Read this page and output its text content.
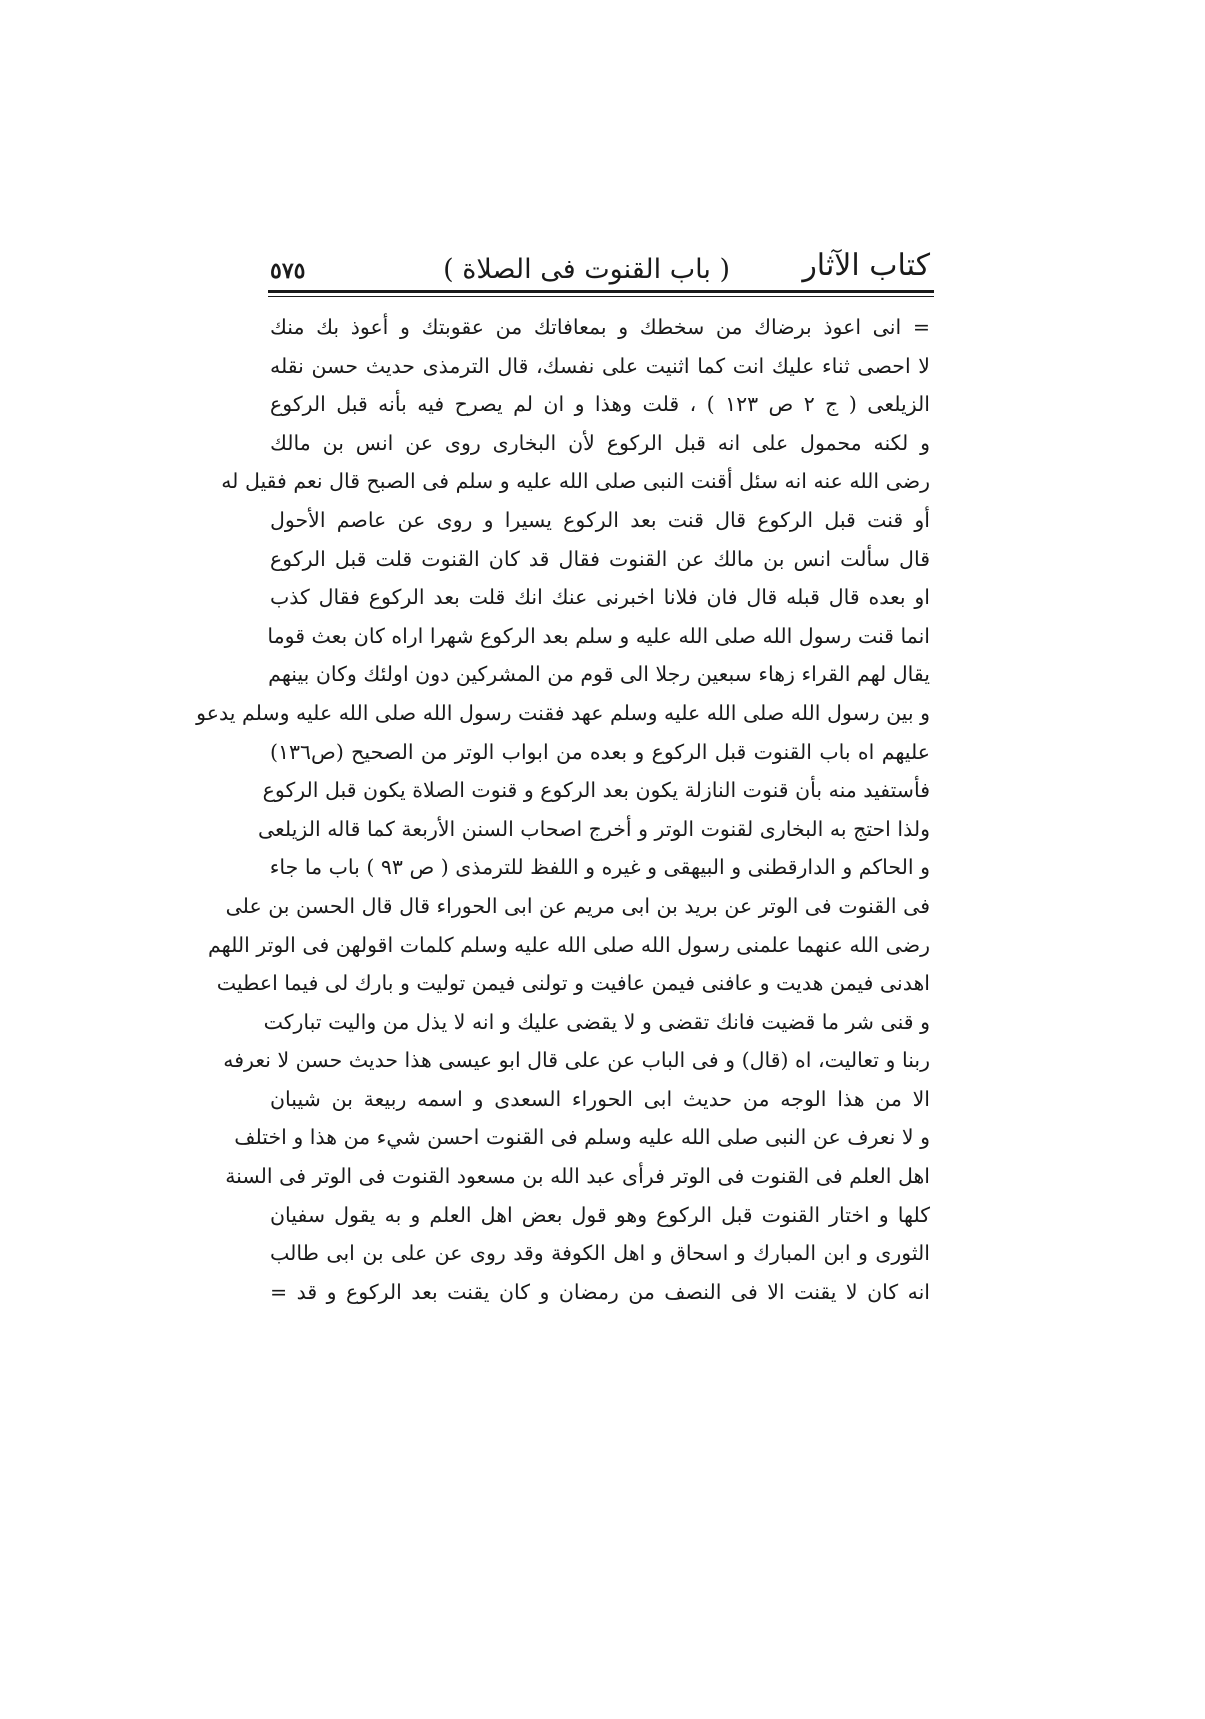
كتاب الآثار
( باب القنوت فى الصلاة )
٥٧٥
= انى اعوذ برضاك من سخطك و بمعافاتك من عقوبتك و أعوذ بك منك
لا احصى ثناء عليك انت كما اثنيت على نفسك، قال الترمذى حديث حسن نقله
الزيلعى ( ج ٢ ص ١٢٣ ) ، قلت وهذا و ان لم يصرح فيه بأنه قبل الركوع
و لكنه محمول على انه قبل الركوع لأن البخارى روى عن انس بن مالك
رضى الله عنه انه سئل أقنت النبى صلى الله عليه و سلم فى الصبح قال نعم فقيل له
أو قنت قبل الركوع قال قنت بعد الركوع يسيرا و روى عن عاصم الأحول
قال سألت انس بن مالك عن القنوت فقال قد كان القنوت قلت قبل الركوع
او بعده قال قبله قال فان فلانا اخبرنى عنك انك قلت بعد الركوع فقال كذب
انما قنت رسول الله صلى الله عليه و سلم بعد الركوع شهرا اراه كان بعث قوما
يقال لهم القراء زهاء سبعين رجلا الى قوم من المشركين دون اولئك وكان بينهم
و بين رسول الله صلى الله عليه وسلم عهد فقنت رسول الله صلى الله عليه وسلم يدعو
عليهم اه باب القنوت قبل الركوع و بعده من ابواب الوتر من الصحيح (ص١٣٦)
فأستفيد منه بأن قنوت النازلة يكون بعد الركوع و قنوت الصلاة يكون قبل الركوع
ولذا احتج به البخارى لقنوت الوتر و أخرج اصحاب السنن الأربعة كما قاله الزيلعى
و الحاكم و الدارقطنى و البيهقى و غيره و اللفظ للترمذى ( ص ٩٣ ) باب ما جاء
فى القنوت فى الوتر عن بريد بن ابى مريم عن ابى الحوراء قال قال الحسن بن على
رضى الله عنهما علمنى رسول الله صلى الله عليه وسلم كلمات اقولهن فى الوتر اللهم
اهدنى فيمن هديت و عافنى فيمن عافيت و تولنى فيمن توليت و بارك لى فيما اعطيت
و قنى شر ما قضيت فانك تقضى و لا يقضى عليك و انه لا يذل من واليت تباركت
ربنا و تعاليت، اه (قال) و فى الباب عن على قال ابو عيسى هذا حديث حسن لا نعرفه
الا من هذا الوجه من حديث ابى الحوراء السعدى و اسمه ربيعة بن شيبان
و لا نعرف عن النبى صلى الله عليه وسلم فى القنوت احسن شيء من هذا و اختلف
اهل العلم فى القنوت فى الوتر فرأى عبد الله بن مسعود القنوت فى الوتر فى السنة
كلها و اختار القنوت قبل الركوع وهو قول بعض اهل العلم و به يقول سفيان
الثورى و ابن المبارك و اسحاق و اهل الكوفة وقد روى عن على بن ابى طالب
انه كان لا يقنت الا فى النصف من رمضان و كان يقنت بعد الركوع و قد =
